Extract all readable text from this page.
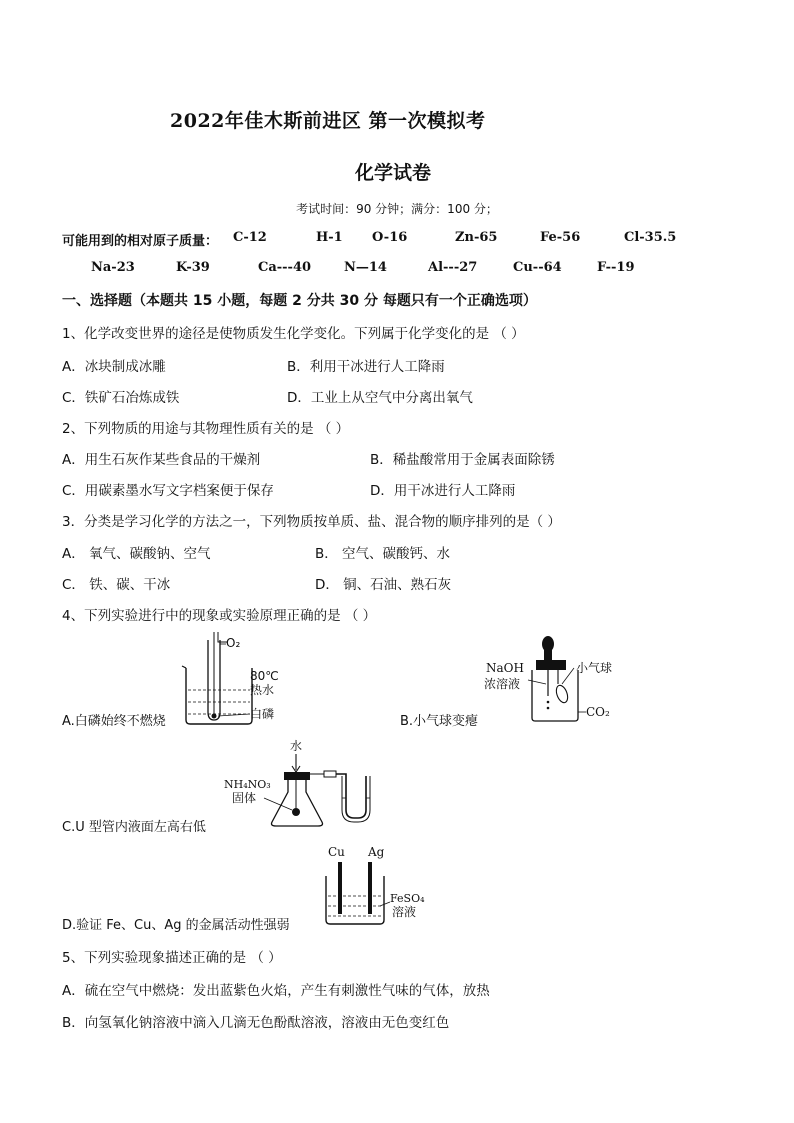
2022年佳木斯前进区 第一次模拟考
化学试卷
考试时间：90 分钟；满分：100 分；
可能用到的相对原子质量： C-12	H-1 O-16	Zn-65	Fe-56	Cl-35.5
Na-23	K-39	Ca---40	N—14	Al---27	Cu--64	F--19
一、选择题（本题共 15 小题，每题 2 分共 30 分 每题只有一个正确选项）
1、化学改变世界的途径是使物质发生化学变化。下列属于化学变化的是 （ ）
A．冰块制成冰雕	B．利用干冰进行人工降雨
C．铁矿石冶炼成铁	D．工业上从空气中分离出氧气
2、下列物质的用途与其物理性质有关的是 （ ）
A．用生石灰作某些食品的干燥剂	B．稀盐酸常用于金属表面除锈
C．用碳素墨水写文字档案便于保存	D．用干冰进行人工降雨
3．分类是学习化学的方法之一，下列物质按单质、盐、混合物的顺序排列的是（ ）
A． 氧气、碳酸钠、空气	B． 空气、碳酸钙、水
C． 铁、碳、干冰	D． 铜、石油、熟石灰
4、下列实验进行中的现象或实验原理正确的是 （ ）
O₂
80℃
热水
白磷
A.白磷始终不燃烧
NaOH
浓溶液
小气球
CO₂
B.小气球变瘪
水
NH₄NO₃
固体
C.U 型管内液面左高右低
Cu Ag
FeSO₄
溶液
D.验证 Fe、Cu、Ag 的金属活动性强弱
5、下列实验现象描述正确的是 （ ）
A．硫在空气中燃烧：发出蓝紫色火焰，产生有刺激性气味的气体，放热
B．向氢氧化钠溶液中滴入几滴无色酚酞溶液，溶液由无色变红色
